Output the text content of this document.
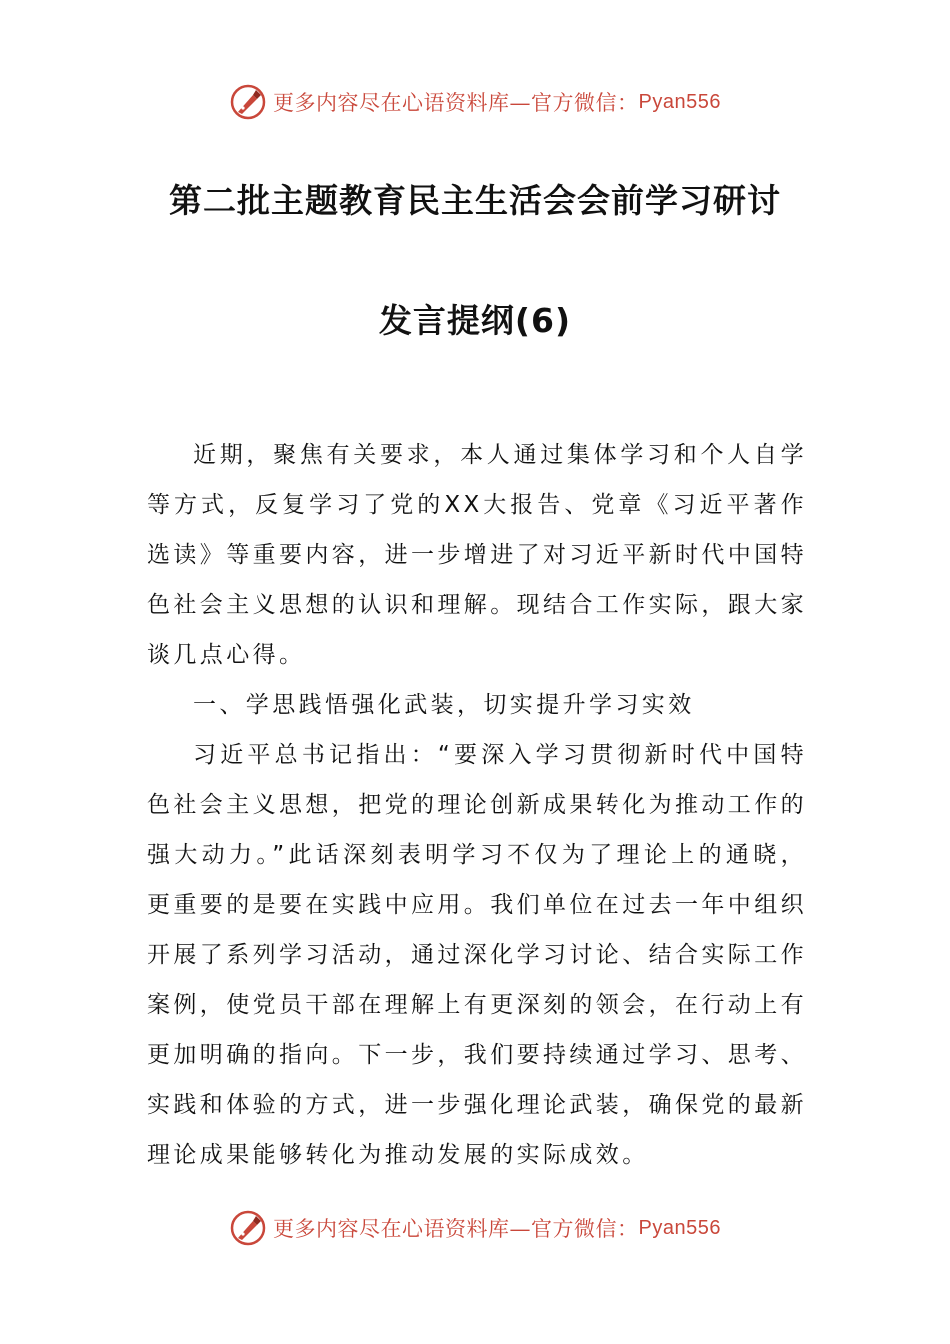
更多内容尽在心语资料库—官方微信： Pyan556
第二批主题教育民主生活会会前学习研讨
发言提纲(6)

近期，聚焦有关要求，本人通过集体学习和个人自学等方式，反复学习了党的XX大报告、党章《习近平著作选读》等重要内容，进一步增进了对习近平新时代中国特色社会主义思想的认识和理解。现结合工作实际，跟大家谈几点心得。

一、学思践悟强化武装，切实提升学习实效

习近平总书记指出：“要深入学习贯彻新时代中国特色社会主义思想，把党的理论创新成果转化为推动工作的强大动力。”此话深刻表明学习不仅为了理论上的通晓，更重要的是要在实践中应用。我们单位在过去一年中组织开展了系列学习活动，通过深化学习讨论、结合实际工作案例，使党员干部在理解上有更深刻的领会，在行动上有更加明确的指向。下一步，我们要持续通过学习、思考、实践和体验的方式，进一步强化理论武装，确保党的最新理论成果能够转化为推动发展的实际成效。

更多内容尽在心语资料库—官方微信： Pyan556
